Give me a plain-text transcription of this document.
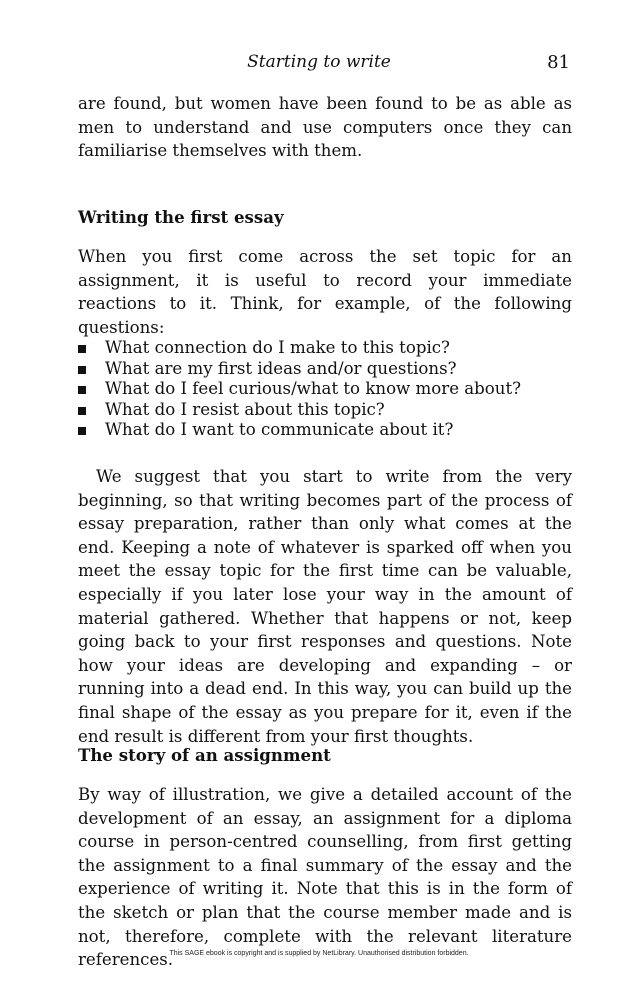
Starting to write	81

are found, but women have been found to be as able as men to understand and use computers once they can familiarise themselves with them.

Writing the first essay

When you first come across the set topic for an assignment, it is useful to record your immediate reactions to it. Think, for example, of the following questions:

What connection do I make to this topic?
What are my first ideas and/or questions?
What do I feel curious/what to know more about?
What do I resist about this topic?
What do I want to communicate about it?

We suggest that you start to write from the very beginning, so that writing becomes part of the process of essay preparation, rather than only what comes at the end. Keeping a note of whatever is sparked off when you meet the essay topic for the first time can be valuable, especially if you later lose your way in the amount of material gathered. Whether that happens or not, keep going back to your first responses and questions. Note how your ideas are developing and expanding – or running into a dead end. In this way, you can build up the final shape of the essay as you prepare for it, even if the end result is different from your first thoughts.

The story of an assignment

By way of illustration, we give a detailed account of the development of an essay, an assignment for a diploma course in person-centred counselling, from first getting the assignment to a final summary of the essay and the experience of writing it. Note that this is in the form of the sketch or plan that the course member made and is not, therefore, complete with the relevant literature references.

This SAGE ebook is copyright and is supplied by NetLibrary. Unauthorised distribution forbidden.
